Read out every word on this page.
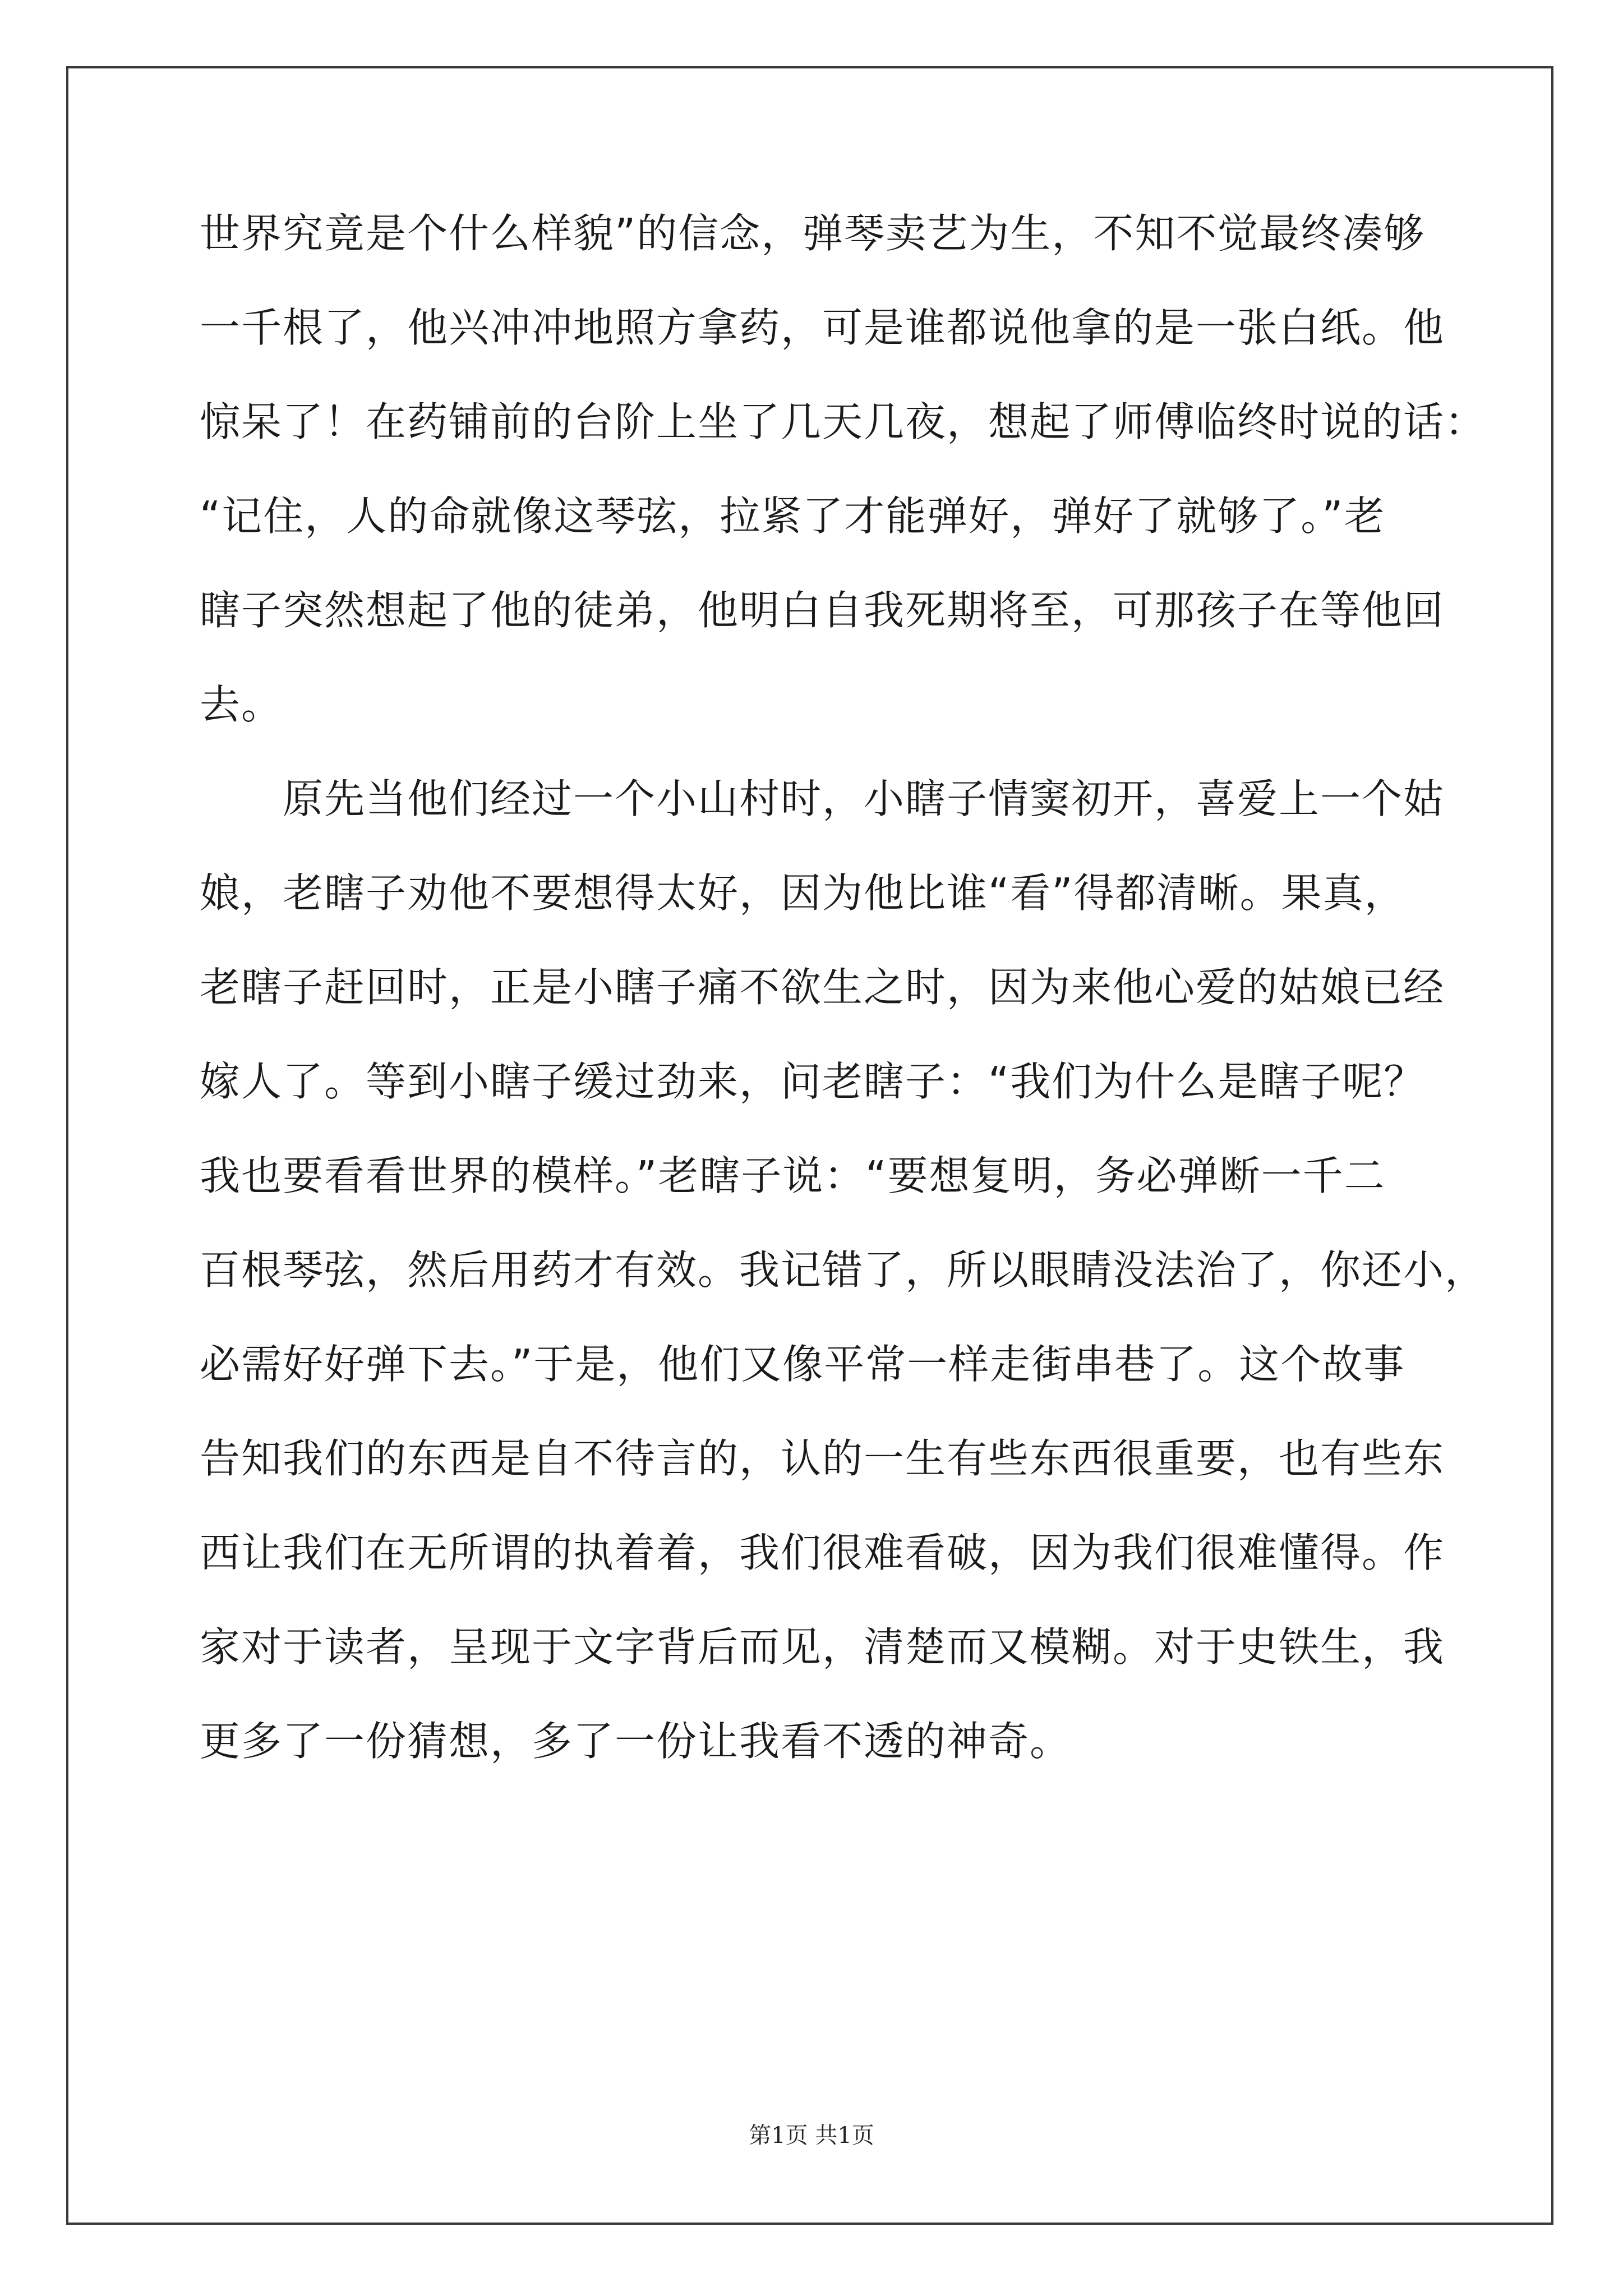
世界究竟是个什么样貌”的信念，弹琴卖艺为生，不知不觉最终凑够
一千根了，他兴冲冲地照方拿药，可是谁都说他拿的是一张白纸。他
惊呆了！在药铺前的台阶上坐了几天几夜，想起了师傅临终时说的话：
“记住，人的命就像这琴弦，拉紧了才能弹好，弹好了就够了。”老
瞎子突然想起了他的徒弟，他明白自我死期将至，可那孩子在等他回
去。
原先当他们经过一个小山村时，小瞎子情窦初开，喜爱上一个姑
娘，老瞎子劝他不要想得太好，因为他比谁“看”得都清晰。果真，
老瞎子赶回时，正是小瞎子痛不欲生之时，因为来他心爱的姑娘已经
嫁人了。等到小瞎子缓过劲来，问老瞎子：“我们为什么是瞎子呢？
我也要看看世界的模样。”老瞎子说：“要想复明，务必弹断一千二
百根琴弦，然后用药才有效。我记错了，所以眼睛没法治了，你还小，
必需好好弹下去。”于是，他们又像平常一样走街串巷了。这个故事
告知我们的东西是自不待言的，认的一生有些东西很重要，也有些东
西让我们在无所谓的执着着，我们很难看破，因为我们很难懂得。作
家对于读者，呈现于文字背后而见，清楚而又模糊。对于史铁生，我
更多了一份猜想，多了一份让我看不透的神奇。
第1页 共1页
